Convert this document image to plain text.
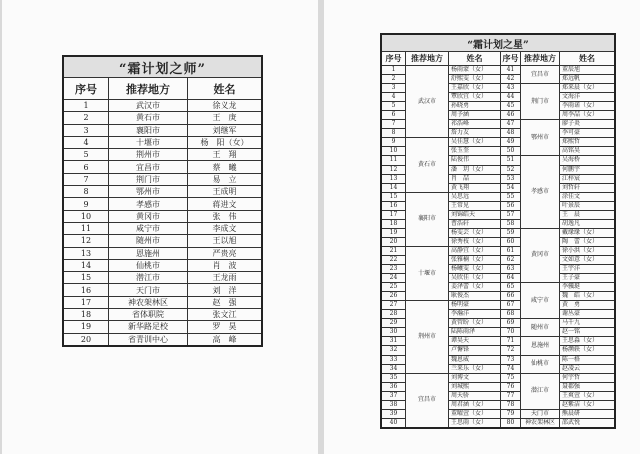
“霜计划之师”		
序号	推荐地方	姓名
1	武汉市	徐义龙
2	黄石市	王　庚
3	襄阳市	刘继军
4	十堰市	杨　阳（女）
5	荆州市	王　翔
6	宜昌市	蔡　曦
7	荆门市	易　立
8	鄂州市	王成明
9	孝感市	蒋进文
10	黄冈市	张　伟
11	咸宁市	李成文
12	随州市	王以旭
13	恩施州	严贵亮
14	仙桃市	肖　波
15	潜江市	王龙雨
16	天门市	刘　洋
17	神农架林区	赵　强
18	省体职院	张文江
19	新华路足校	罗　昊
20	省青训中心	高　峰
“霜计划之星”					
序号	推荐地方	姓名	序号	推荐地方	姓名
1	武汉市	杨雨蒙（女）	41	宜昌市	董辰旭
2		舒熙雯（女）	42		郑远帆
3		王嘉欣（女）	43	荆门市	郑来晨（女）
4		覃欣宜（女）	44		文海洋
5		孙晓勇	45		李雨诺（女）
6		周予涵	46		周李喆（女）
7		祁浩峰	47	鄂州市	廖子炎
8		詹力友	48		李可豪
9	黄石市	吴佳慧（女）	49		郑熙哲
10		张玉奎	50		高铭昊
11		陆俊伟	51	孝感市	吴海桥
12		潘　玥（女）	52		何鹏宇
13		肖　喆	53		江梓宸
14		黄飞翔	54		刘哲轩
15	襄阳市	吴思远	55		涂佳文
16		王常见	56		叶景辰
17		刘锦皓天	57		王　晨
18		曹浩轩	58		胡逸凡
19		杨雯芸（女）	59	黄冈市	戴缘缘（女）
20		徐秀枝（女）	60		陶　蕾（女）
21	十堰市	高静宜（女）	61		徐小洪（女）
22		张雅楠（女）	62		文如意（女）
23		杨曦雯（女）	63		王宇洋
24		吴欣佳（女）	64		王子豪
25		姜泽蕾（女）	65	咸宁市	李骥珽
26		耿俊杰	66		魏　皓（女）
27	荆州市	杨明豪	67		黄　勇
28		李瀚洋	68		谢丛豪
29		黄管盼（女）	69	随州市	马千九
30		陆陈雨泽	70		赵一铭
31		谭昊天	71	恩施州	王思淼（女）
32		卢懈锋	72		杨濒轶（女）
33		魏恩威	73	仙桃市	陈一格
34		兰来乐（女）	74		赵凌云
35	宜昌市	刘博文	75	潜江市	何宇哲
36		刘城熙	76		聂郡强
37		周天骄	77		王爽萱（女）
38		周君涵（女）	78		赵紫洁（女）
39		董曜萱（女）	79	天门市	熊晨研
40		王思雨（女）	80	神农架林区	邵武悦
